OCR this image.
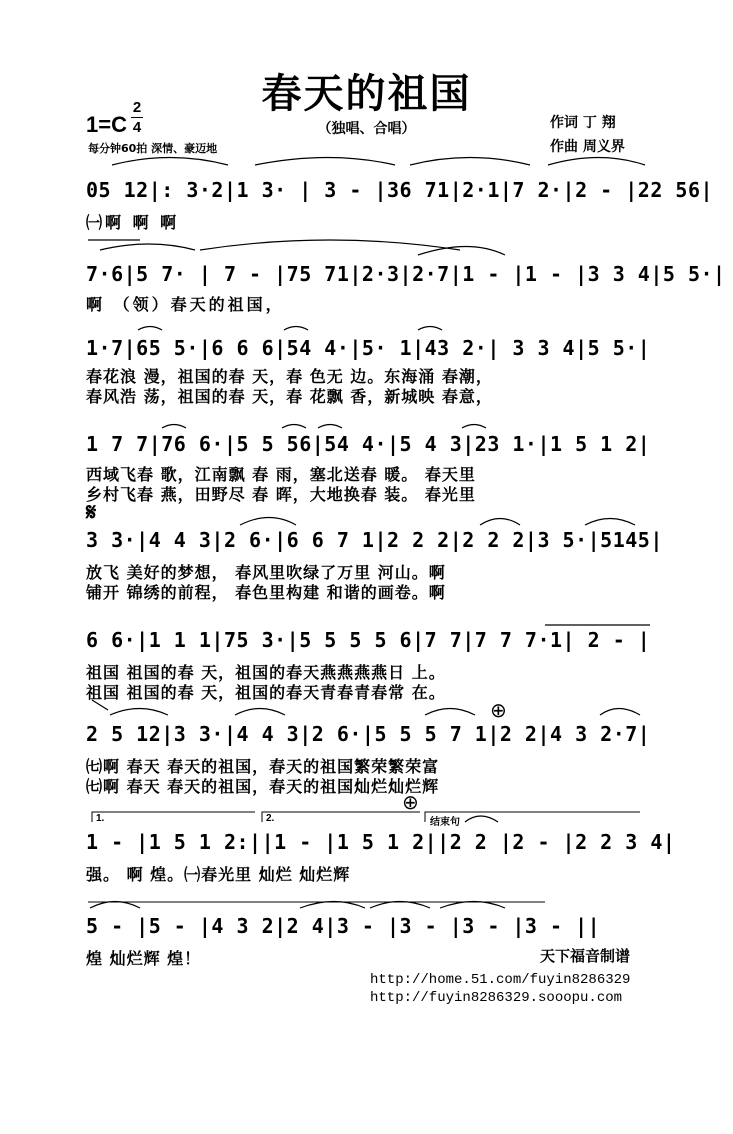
春天的祖国
（独唱、合唱）
1=C
2
4
每分钟60拍 深情、豪迈地
作词 丁 翔
作曲 周义界
05 12|: 3·2|1 3· | 3 - |36 71|2·1|7 2·|2 - |22 56|
㈠啊 啊 啊
7·6|5 7· | 7 - |75 71|2·3|2·7|1 - |1 - |3 3 4|5 5·|
啊 （领）春天的祖国，
1·7|65 5·|6 6 6|54 4·|5· 1|43 2·| 3 3 4|5 5·|
春花浪 漫，祖国的春 天，春 色无 边。东海涌 春潮，
春风浩 荡，祖国的春 天，春 花飘 香，新城映 春意，
1 7 7|76 6·|5 5 56|54 4·|5 4 3|23 1·|1 5 1 2|
西域飞春 歌，江南飘 春 雨，塞北送春 暖。 春天里
乡村飞春 燕，田野尽 春 晖，大地换春 装。 春光里
𝄋
3 3·|4 4 3|2 6·|6 6 7 1|2 2 2|2 2 2|3 5·|5145|
放飞 美好的梦想， 春风里吹绿了万里 河山。啊
铺开 锦绣的前程， 春色里构建 和谐的画卷。啊
6 6·|1 1 1|75 3·|5 5 5 5 6|7 7|7 7 7·1| 2 - |
祖国 祖国的春 天，祖国的春天燕燕燕燕日 上。
祖国 祖国的春 天，祖国的春天青春青春常 在。
⊕
2 5 12|3 3·|4 4 3|2 6·|5 5 5 7 1|2 2|4 3 2·7|
㈦啊 春天 春天的祖国，春天的祖国繁荣繁荣富
㈦啊 春天 春天的祖国，春天的祖国灿烂灿烂辉
⊕
1.	2.	结束句
1 - |1 5 1 2:||1 - |1 5 1 2||2 2 |2 - |2 2 3 4|
强。 啊 煌。㈠春光里 灿烂 灿烂辉
5 - |5 - |4 3 2|2 4|3 - |3 - |3 - |3 - ||
煌 灿烂辉 煌！	天下福音制谱
http://home.51.com/fuyin8286329
http://fuyin8286329.sooopu.com
